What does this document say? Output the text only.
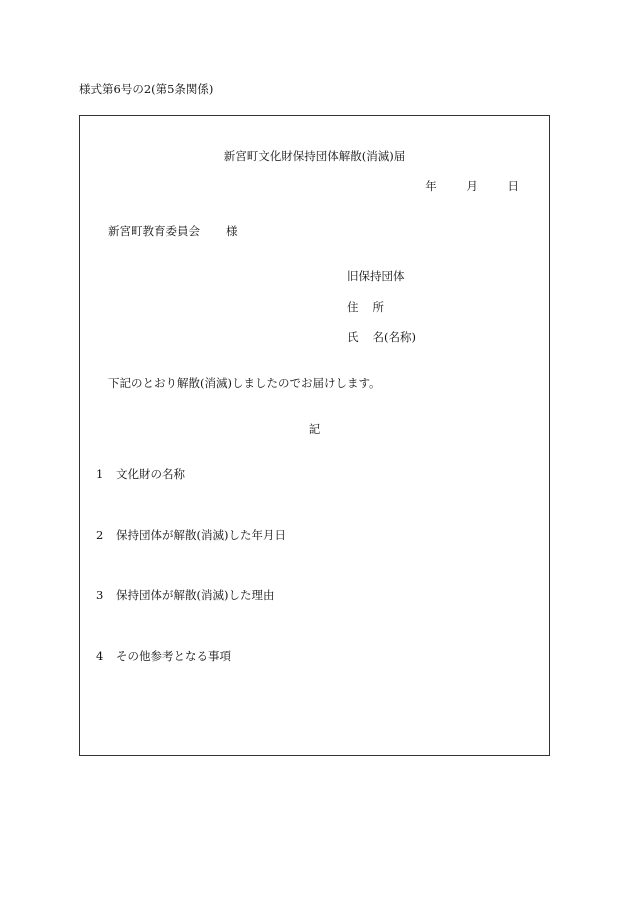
様式第6号の2(第5条関係)
新宮町文化財保持団体解散(消滅)届
年	月	日
新宮町教育委員会 様
旧保持団体
住 所
氏 名(名称)
下記のとおり解散(消滅)しましたのでお届けします。
記
1 文化財の名称
2 保持団体が解散(消滅)した年月日
3 保持団体が解散(消滅)した理由
4 その他参考となる事項
